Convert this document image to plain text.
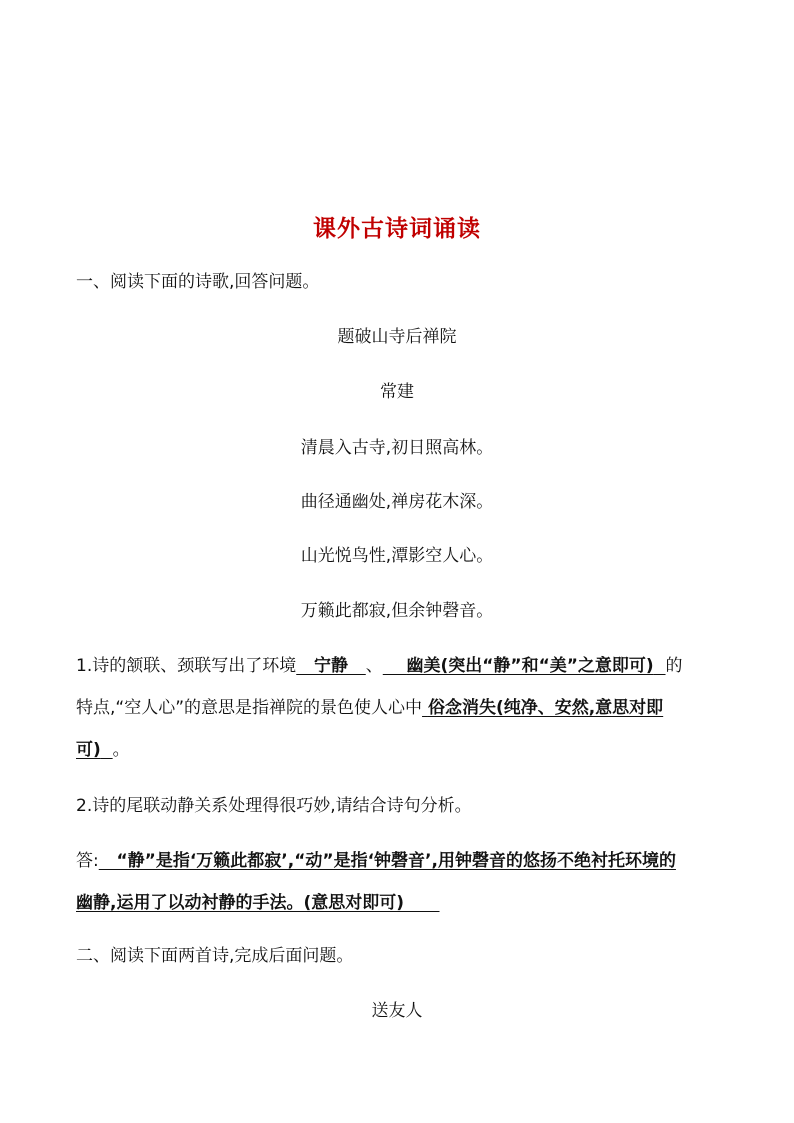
课外古诗词诵读
一、阅读下面的诗歌,回答问题。
题破山寺后禅院
常建
清晨入古寺,初日照高林。
曲径通幽处,禅房花木深。
山光悦鸟性,潭影空人心。
万籁此都寂,但余钟磬音。
1.诗的颔联、颈联写出了环境 宁静 、 幽美(突出“静”和“美”之意即可) 的
特点,“空人心”的意思是指禅院的景色使人心中 俗念消失(纯净、安然,意思对即
可) 。
2.诗的尾联动静关系处理得很巧妙,请结合诗句分析。
答: “静”是指‘万籁此都寂’,“动”是指‘钟磬音’,用钟磬音的悠扬不绝衬托环境的
幽静,运用了以动衬静的手法。(意思对即可)
二、阅读下面两首诗,完成后面问题。
送友人
